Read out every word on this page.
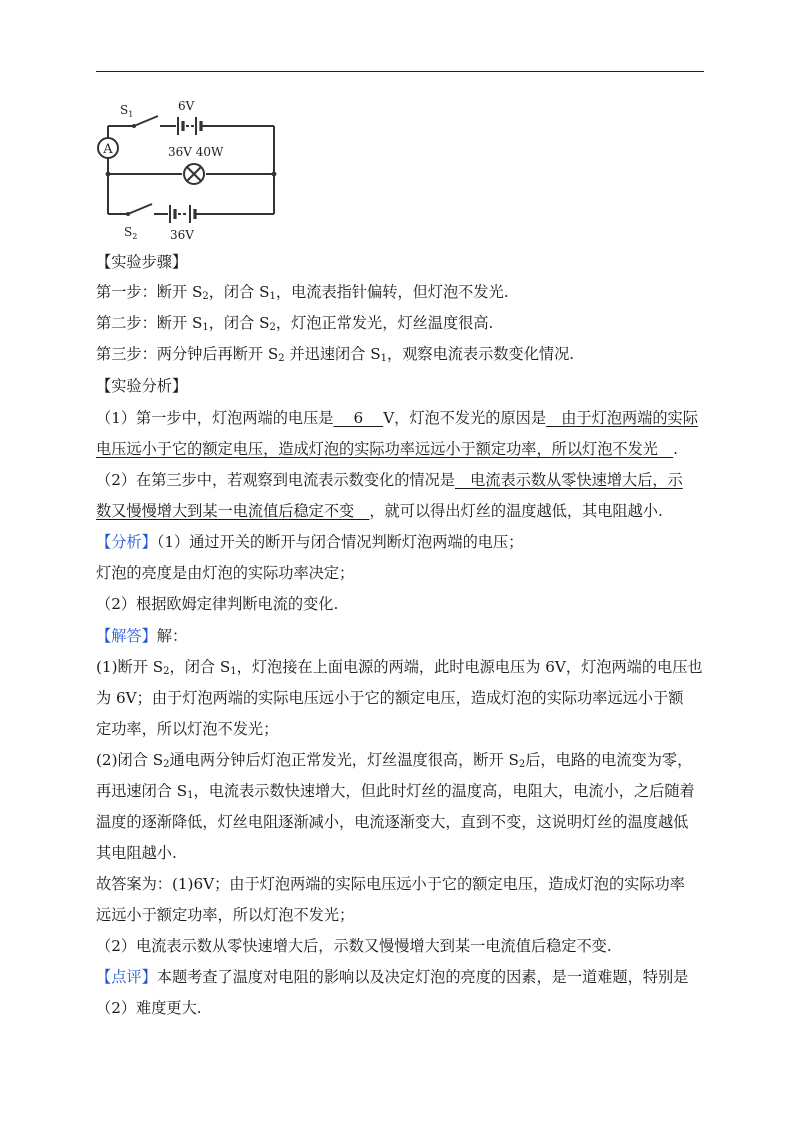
A
$S_1$
6V
36V 40W
$S_2$	36V
【实验步骤】
第一步：断开 $S_2$，闭合 $S_1$，电流表指针偏转，但灯泡不发光.
第二步：断开 $S_1$，闭合 $S_2$，灯泡正常发光，灯丝温度很高.
第三步：两分钟后再断开 $S_2$ 并迅速闭合 $S_1$，观察电流表示数变化情况.
【实验分析】
（1）第一步中，灯泡两端的电压是　 6 　V，灯泡不发光的原因是　由于灯泡两端的实际
电压远小于它的额定电压，造成灯泡的实际功率远远小于额定功率，所以灯泡不发光　.
（2）在第三步中，若观察到电流表示数变化的情况是　电流表示数从零快速增大后，示
数又慢慢增大到某一电流值后稳定不变　，就可以得出灯丝的温度越低，其电阻越小.
【分析】（1）通过开关的断开与闭合情况判断灯泡两端的电压；
灯泡的亮度是由灯泡的实际功率决定；
（2）根据欧姆定律判断电流的变化.
【解答】解：
(1)断开 $S_2$，闭合 $S_1$，灯泡接在上面电源的两端，此时电源电压为 6V，灯泡两端的电压也
为 6V；由于灯泡两端的实际电压远小于它的额定电压，造成灯泡的实际功率远远小于额
定功率，所以灯泡不发光；
(2)闭合 $S_2$通电两分钟后灯泡正常发光，灯丝温度很高，断开 $S_2$后，电路的电流变为零，
再迅速闭合 $S_1$，电流表示数快速增大，但此时灯丝的温度高，电阻大，电流小，之后随着
温度的逐渐降低，灯丝电阻逐渐减小，电流逐渐变大，直到不变，这说明灯丝的温度越低
其电阻越小.
故答案为：(1)6V；由于灯泡两端的实际电压远小于它的额定电压，造成灯泡的实际功率
远远小于额定功率，所以灯泡不发光；
（2）电流表示数从零快速增大后，示数又慢慢增大到某一电流值后稳定不变.
【点评】本题考查了温度对电阻的影响以及决定灯泡的亮度的因素，是一道难题，特别是
（2）难度更大.
